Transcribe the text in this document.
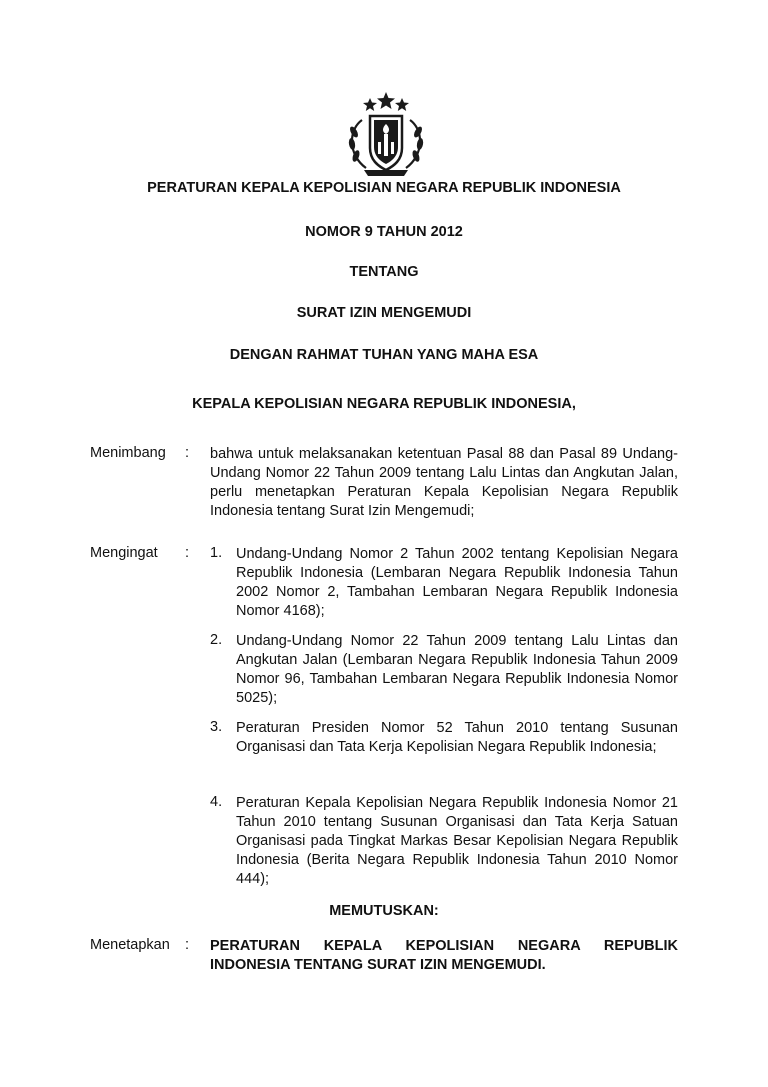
PERATURAN KEPALA KEPOLISIAN NEGARA REPUBLIK INDONESIA
NOMOR 9 TAHUN 2012
TENTANG
SURAT IZIN MENGEMUDI
DENGAN RAHMAT TUHAN YANG MAHA ESA
KEPALA KEPOLISIAN NEGARA REPUBLIK INDONESIA,
Menimbang	: bahwa untuk melaksanakan ketentuan Pasal 88 dan Pasal 89 Undang-Undang Nomor 22 Tahun 2009 tentang Lalu Lintas dan Angkutan Jalan, perlu menetapkan Peraturan Kepala Kepolisian Negara Republik Indonesia tentang Surat Izin Mengemudi;
Mengingat	: 1. Undang-Undang Nomor 2 Tahun 2002 tentang Kepolisian Negara Republik Indonesia (Lembaran Negara Republik Indonesia Tahun 2002 Nomor 2, Tambahan Lembaran Negara Republik Indonesia Nomor 4168);
2. Undang-Undang Nomor 22 Tahun 2009 tentang Lalu Lintas dan Angkutan Jalan (Lembaran Negara Republik Indonesia Tahun 2009 Nomor 96, Tambahan Lembaran Negara Republik Indonesia Nomor 5025);
3. Peraturan Presiden Nomor 52 Tahun 2010 tentang Susunan Organisasi dan Tata Kerja Kepolisian Negara Republik Indonesia;
4. Peraturan Kepala Kepolisian Negara Republik Indonesia Nomor 21 Tahun 2010 tentang Susunan Organisasi dan Tata Kerja Satuan Organisasi pada Tingkat Markas Besar Kepolisian Negara Republik Indonesia (Berita Negara Republik Indonesia Tahun 2010 Nomor 444);
MEMUTUSKAN:
Menetapkan	: PERATURAN KEPALA KEPOLISIAN NEGARA REPUBLIK
INDONESIA TENTANG SURAT IZIN MENGEMUDI.
